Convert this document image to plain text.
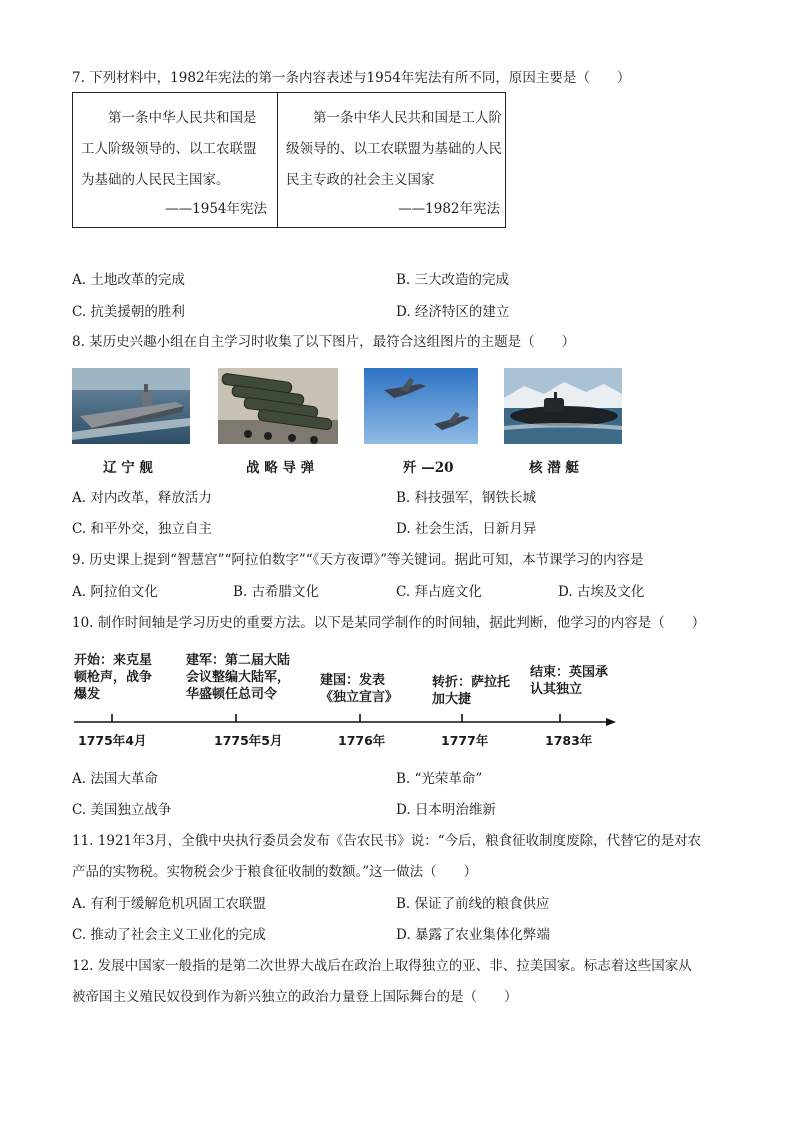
7. 下列材料中，1982年宪法的第一条内容表述与1954年宪法有所不同，原因主要是（　　）
第一条中华人民共和国是工人阶级领导的、以工农联盟为基础的人民民主国家。
——1954年宪法
第一条中华人民共和国是工人阶级领导的、以工农联盟为基础的人民民主专政的社会主义国家
——1982年宪法
A. 土地改革的完成	B. 三大改造的完成
C. 抗美援朝的胜利	D. 经济特区的建立
8. 某历史兴趣小组在自主学习时收集了以下图片，最符合这组图片的主题是（　　）
辽 宁 舰	战 略 导 弹	歼 —20	核 潜 艇
A. 对内改革，释放活力	B. 科技强军，钢铁长城
C. 和平外交，独立自主	D. 社会生活，日新月异
9. 历史课上提到“智慧宫”“阿拉伯数字”“《天方夜谭》”等关键词。据此可知，本节课学习的内容是
A. 阿拉伯文化	B. 古希腊文化	C. 拜占庭文化	D. 古埃及文化
10. 制作时间轴是学习历史的重要方法。以下是某同学制作的时间轴，据此判断，他学习的内容是（　　）
开始：来克星
顿枪声，战争
爆发
建军：第二届大陆
会议整编大陆军，
华盛顿任总司令
建国：发表
《独立宣言》
转折：萨拉托
加大捷
结束：英国承
认其独立
1775年4月	1775年5月	1776年	1777年	1783年
A. 法国大革命	B. “光荣革命”
C. 美国独立战争	D. 日本明治维新
11. 1921年3月，全俄中央执行委员会发布《告农民书》说：“今后，粮食征收制度废除，代替它的是对农
产品的实物税。实物税会少于粮食征收制的数额。”这一做法（　　）
A. 有利于缓解危机巩固工农联盟	B. 保证了前线的粮食供应
C. 推动了社会主义工业化的完成	D. 暴露了农业集体化弊端
12. 发展中国家一般指的是第二次世界大战后在政治上取得独立的亚、非、拉美国家。标志着这些国家从
被帝国主义殖民奴役到作为新兴独立的政治力量登上国际舞台的是（　　）
